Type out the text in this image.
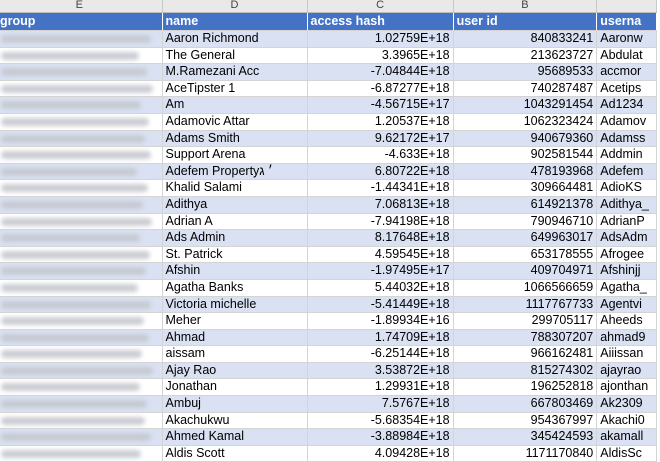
E	D	C	B	
group	name	access hash	user id	userna

	Aaron Richmond	1.02759E+18	840833241	Aaronw

	The General	3.3965E+18	213623727	Abdulat

	M.Ramezani Acc	-7.04844E+18	95689533	accmor

	AceTipster 1	-6.87277E+18	740287487	Acetips

	Am	-4.56715E+17	1043291454	Ad1234

	Adamovic Attar	1.20537E+18	1062323424	Adamov

	Adams Smith	9.62172E+17	940679360	Adamss

	Support Arena	-4.633E+18	902581544	Addmin

	Adefem Property׳ ג	6.80722E+18	478193968	Adefem

	Khalid Salami	-1.44341E+18	309664481	AdioKS

	Adithya	7.06813E+18	614921378	Adithya_

	Adrian A	-7.94198E+18	790946710	AdrianP

	Ads Admin	8.17648E+18	649963017	AdsAdm

	St. Patrick	4.59545E+18	653178555	Afrogee

	Afshin	-1.97495E+17	409704971	Afshinjj

	Agatha Banks	5.44032E+18	1066566659	Agatha_

	Victoria michelle	-5.41449E+18	1117767733	Agentvi

	Meher	-1.89934E+16	299705117	Aheeds

	Ahmad	1.74709E+18	788307207	ahmad9

	aissam	-6.25144E+18	966162481	Aiiissan

	Ajay Rao	3.53872E+18	815274302	ajayrao

	Jonathan	1.29931E+18	196252818	ajonthan

	Ambuj	7.5767E+18	667803469	Ak2309

	Akachukwu	-5.68354E+18	954367997	Akachi0

	Ahmed Kamal	-3.88984E+18	345424593	akamall

	Aldis Scott	4.09428E+18	1171170840	AldisSc
